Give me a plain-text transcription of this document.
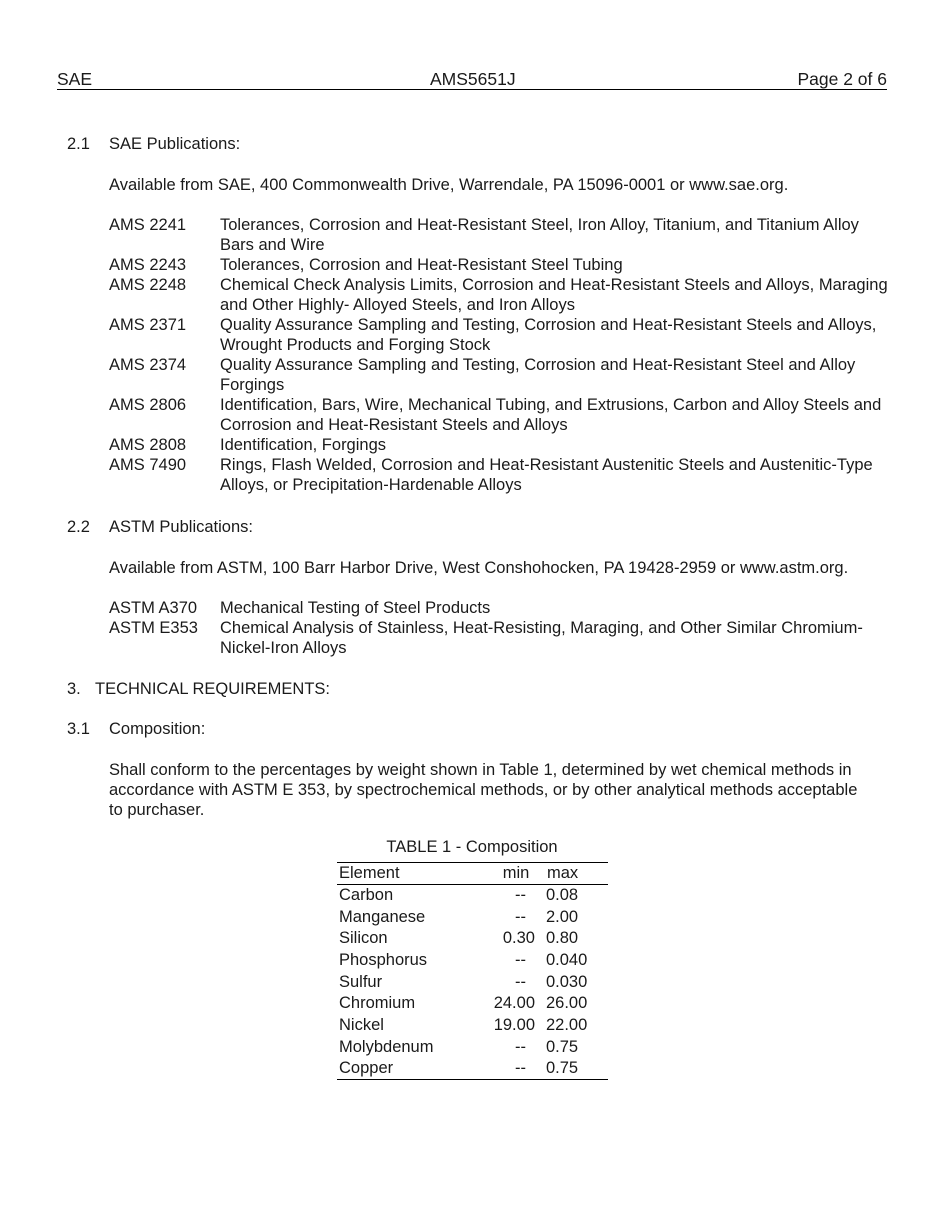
SAE	AMS5651J	Page 2 of 6
2.1 SAE Publications:
Available from SAE, 400 Commonwealth Drive, Warrendale, PA 15096-0001 or www.sae.org.
AMS 2241	Tolerances, Corrosion and Heat-Resistant Steel, Iron Alloy, Titanium, and Titanium Alloy Bars and Wire
AMS 2243	Tolerances, Corrosion and Heat-Resistant Steel Tubing
AMS 2248	Chemical Check Analysis Limits, Corrosion and Heat-Resistant Steels and Alloys, Maraging and Other Highly- Alloyed Steels, and Iron Alloys
AMS 2371	Quality Assurance Sampling and Testing, Corrosion and Heat-Resistant Steels and Alloys, Wrought Products and Forging Stock
AMS 2374	Quality Assurance Sampling and Testing, Corrosion and Heat-Resistant Steel and Alloy Forgings
AMS 2806	Identification, Bars, Wire, Mechanical Tubing, and Extrusions, Carbon and Alloy Steels and Corrosion and Heat-Resistant Steels and Alloys
AMS 2808	Identification, Forgings
AMS 7490	Rings, Flash Welded, Corrosion and Heat-Resistant Austenitic Steels and Austenitic-Type Alloys, or Precipitation-Hardenable Alloys
2.2 ASTM Publications:
Available from ASTM, 100 Barr Harbor Drive, West Conshohocken, PA 19428-2959 or www.astm.org.
ASTM A370	Mechanical Testing of Steel Products
ASTM E353	Chemical Analysis of Stainless, Heat-Resisting, Maraging, and Other Similar Chromium-Nickel-Iron Alloys
3. TECHNICAL REQUIREMENTS:
3.1 Composition:
Shall conform to the percentages by weight shown in Table 1, determined by wet chemical methods in accordance with ASTM E 353, by spectrochemical methods, or by other analytical methods acceptable to purchaser.
TABLE 1 - Composition
Element	min	max
Carbon	--	0.08
Manganese	--	2.00
Silicon	0.30	0.80
Phosphorus	--	0.040
Sulfur	--	0.030
Chromium	24.00	26.00
Nickel	19.00	22.00
Molybdenum	--	0.75
Copper	--	0.75
